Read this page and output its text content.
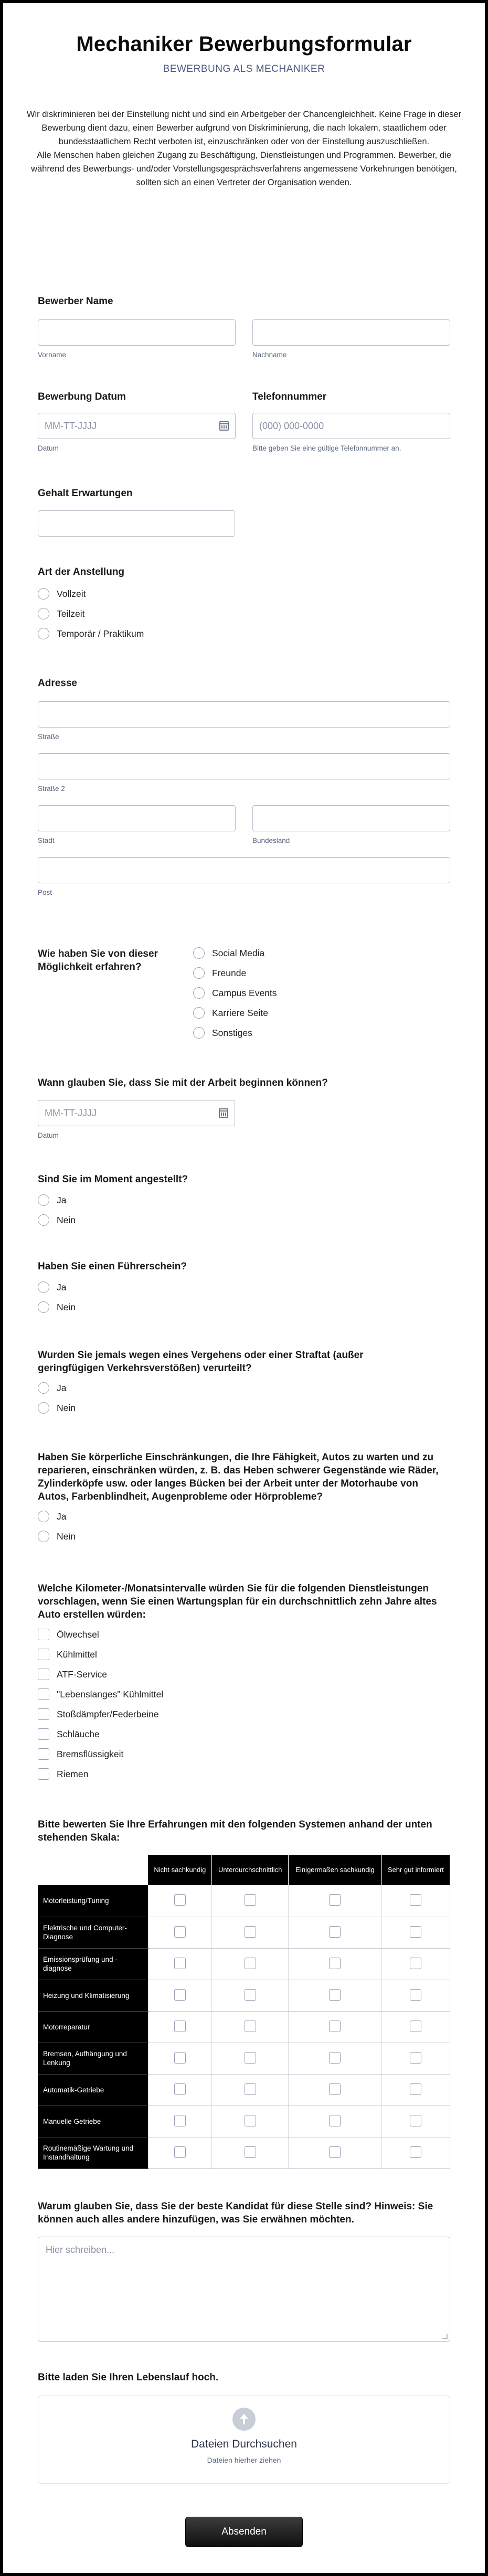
Mechaniker Bewerbungsformular
BEWERBUNG ALS MECHANIKER

Wir diskriminieren bei der Einstellung nicht und sind ein Arbeitgeber der Chancengleichheit. Keine Frage in dieser Bewerbung dient dazu, einen Bewerber aufgrund von Diskriminierung, die nach lokalem, staatlichem oder bundesstaatlichem Recht verboten ist, einzuschränken oder von der Einstellung auszuschließen.

Alle Menschen haben gleichen Zugang zu Beschäftigung, Dienstleistungen und Programmen. Bewerber, die während des Bewerbungs- und/oder Vorstellungsgesprächsverfahrens angemessene Vorkehrungen benötigen, sollten sich an einen Vertreter der Organisation wenden.

Bewerber Name
Vorname	Nachname
Bewerbung Datum
MM-TT-JJJJ
Datum
Telefonnummer
(000) 000-0000
Bitte geben Sie eine gültige Telefonnummer an.
Gehalt Erwartungen
Art der Anstellung
Vollzeit
Teilzeit
Temporär / Praktikum
Adresse
Straße
Straße 2
Stadt	Bundesland
Post
Wie haben Sie von dieser Möglichkeit erfahren?
Social Media
Freunde
Campus Events
Karriere Seite
Sonstiges
Wann glauben Sie, dass Sie mit der Arbeit beginnen können?
MM-TT-JJJJ
Datum
Sind Sie im Moment angestellt?
Ja
Nein
Haben Sie einen Führerschein?
Ja
Nein
Wurden Sie jemals wegen eines Vergehens oder einer Straftat (außer geringfügigen Verkehrsverstößen) verurteilt?
Ja
Nein
Haben Sie körperliche Einschränkungen, die Ihre Fähigkeit, Autos zu warten und zu reparieren, einschränken würden, z. B. das Heben schwerer Gegenstände wie Räder, Zylinderköpfe usw. oder langes Bücken bei der Arbeit unter der Motorhaube von Autos, Farbenblindheit, Augenprobleme oder Hörprobleme?
Ja
Nein
Welche Kilometer-/Monatsintervalle würden Sie für die folgenden Dienstleistungen vorschlagen, wenn Sie einen Wartungsplan für ein durchschnittlich zehn Jahre altes Auto erstellen würden:
Ölwechsel
Kühlmittel
ATF-Service
"Lebenslanges" Kühlmittel
Stoßdämpfer/Federbeine
Schläuche
Bremsflüssigkeit
Riemen
Bitte bewerten Sie Ihre Erfahrungen mit den folgenden Systemen anhand der unten stehenden Skala:
	Nicht sachkundig	Unterdurchschnittlich	Einigermaßen sachkundig	Sehr gut informiert
Motorleistung/Tuning				
Elektrische und Computer-Diagnose				
Emissionsprüfung und -diagnose				
Heizung und Klimatisierung				
Motorreparatur				
Bremsen, Aufhängung und Lenkung				
Automatik-Getriebe				
Manuelle Getriebe				
Routinemäßige Wartung und Instandhaltung				
Warum glauben Sie, dass Sie der beste Kandidat für diese Stelle sind? Hinweis: Sie können auch alles andere hinzufügen, was Sie erwähnen möchten.
Hier schreiben...
Bitte laden Sie Ihren Lebenslauf hoch.
Dateien Durchsuchen
Dateien hierher ziehen
Absenden
